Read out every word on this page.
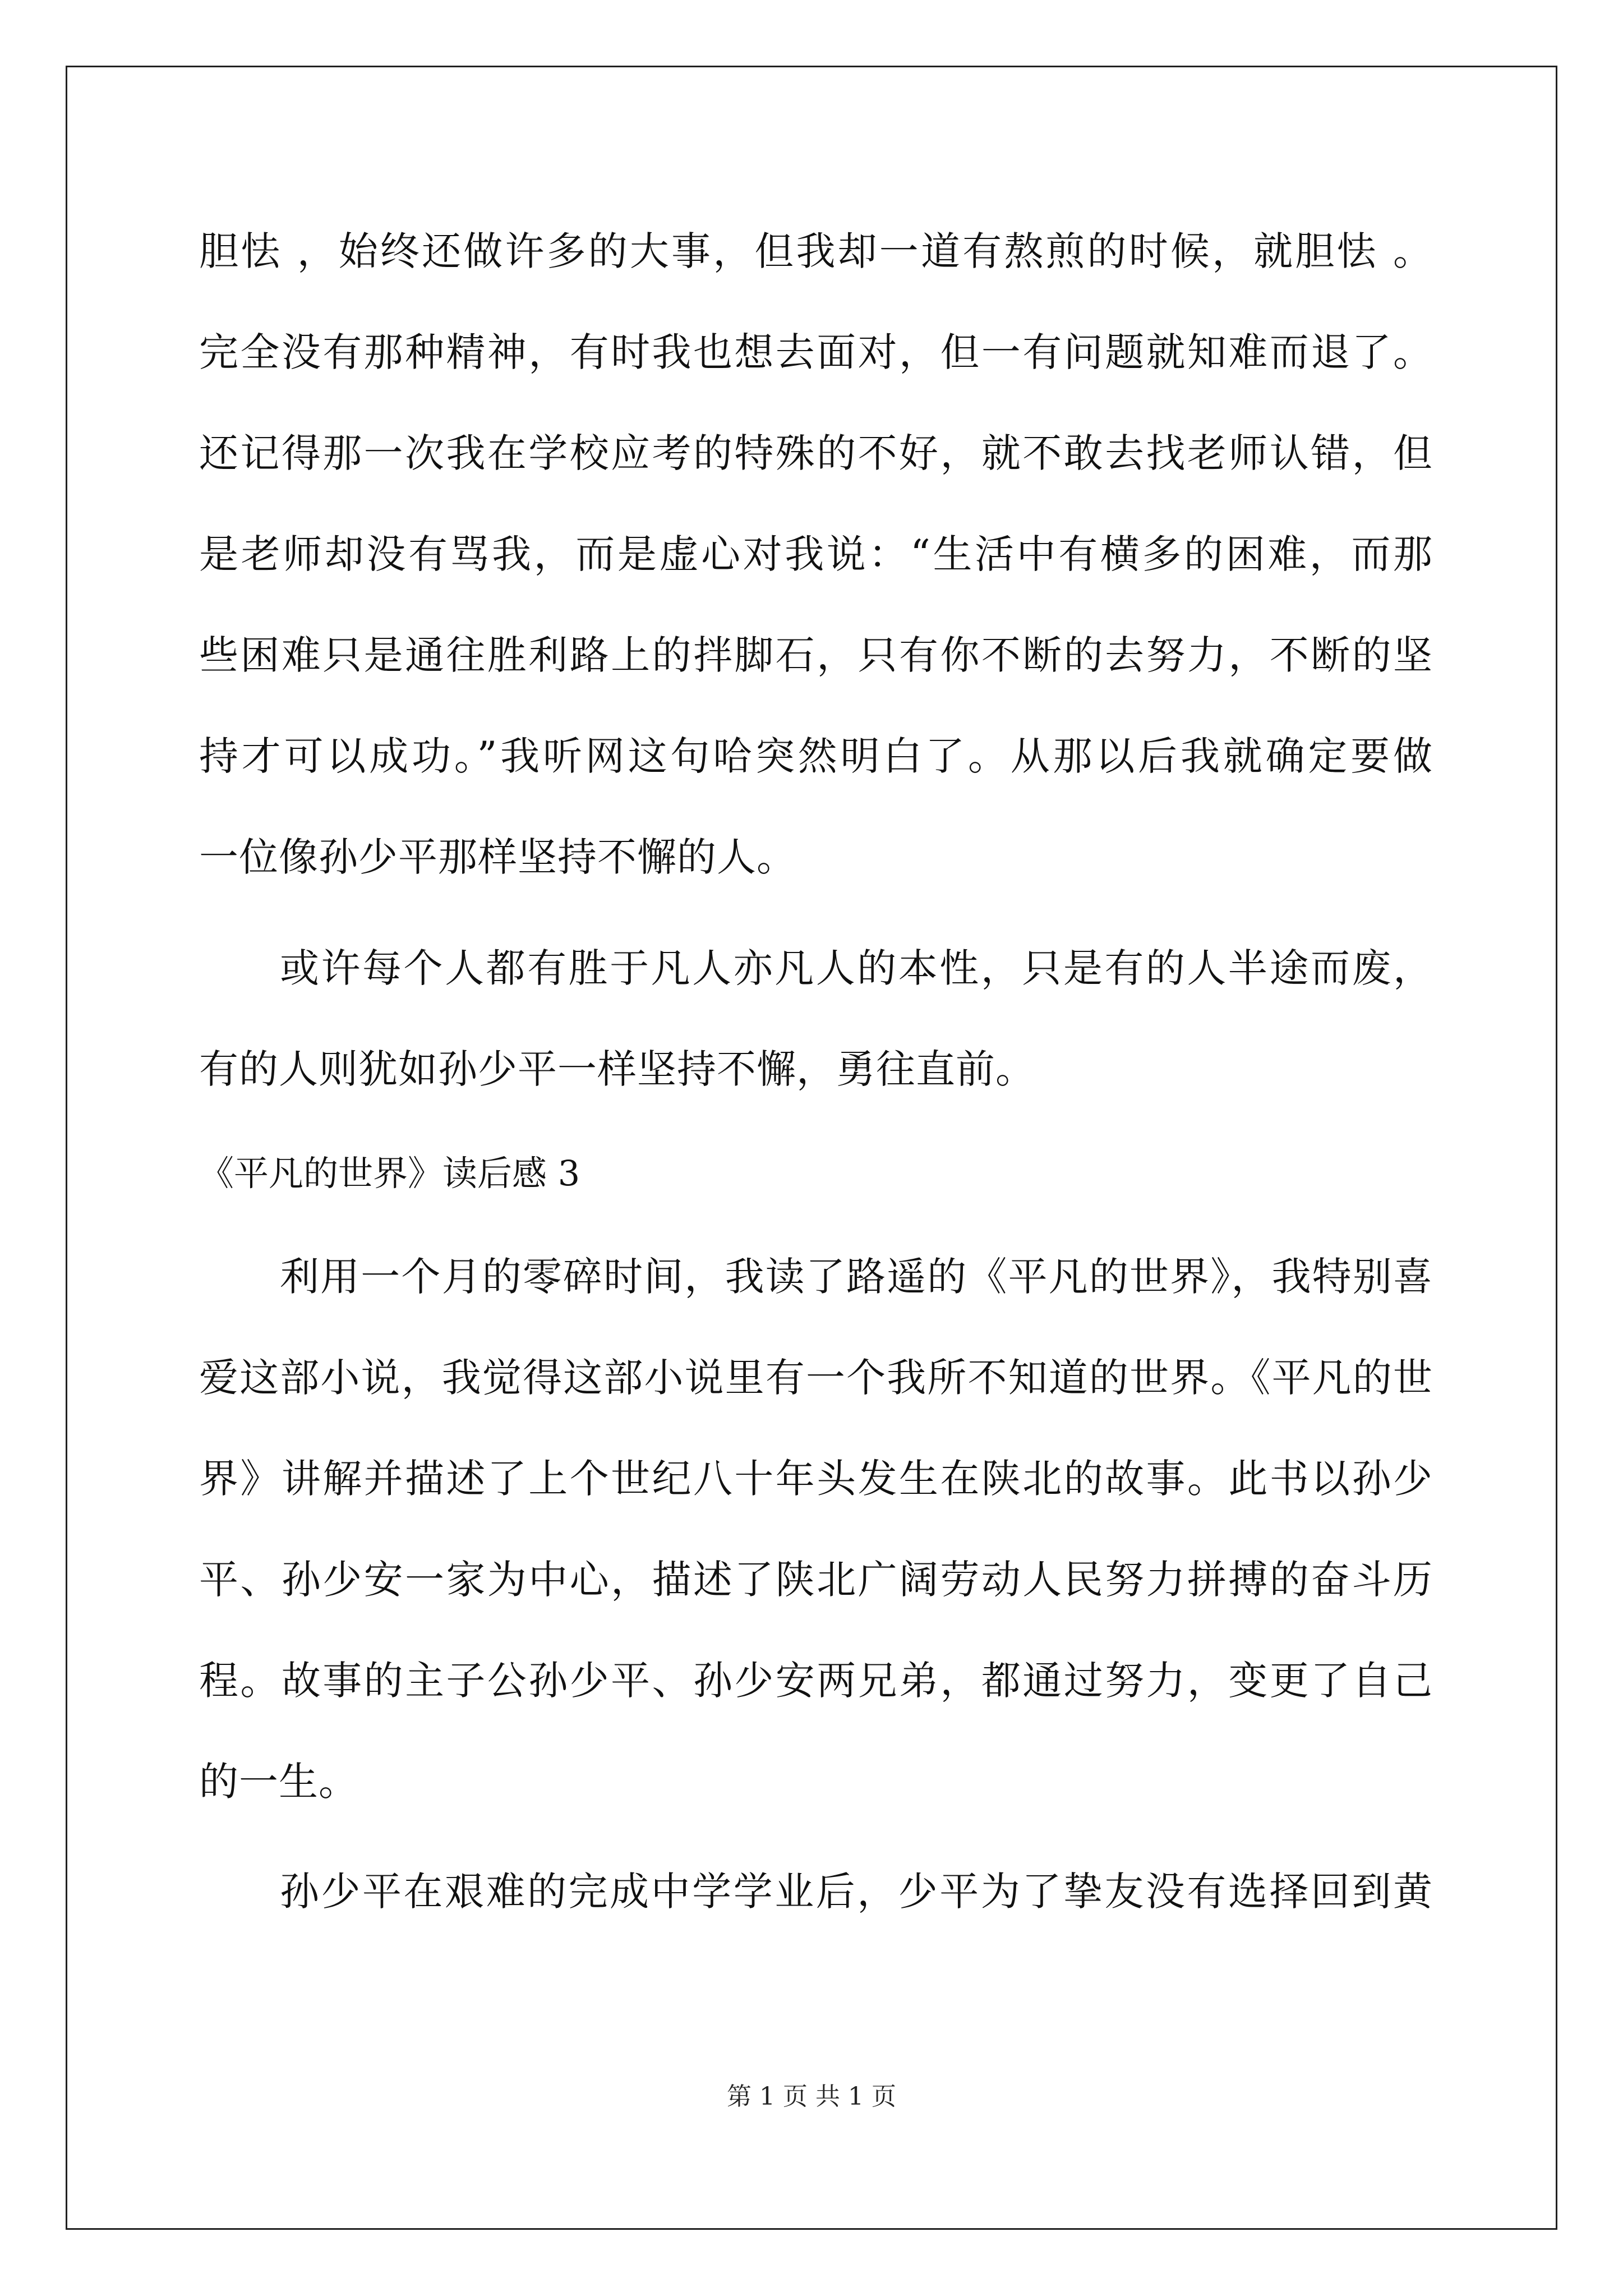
胆怯 ，始终还做许多的大事，但我却一道有熬煎的时候，就胆怯 。
完全没有那种精神，有时我也想去面对，但一有问题就知难而退了。
还记得那一次我在学校应考的特殊的不好，就不敢去找老师认错，但
是老师却没有骂我，而是虚心对我说：“生活中有横多的困难，而那
些困难只是通往胜利路上的拌脚石，只有你不断的去努力，不断的坚
持才可以成功。”我听网这句哈突然明白了。从那以后我就确定要做
一位像孙少平那样坚持不懈的人。
或许每个人都有胜于凡人亦凡人的本性，只是有的人半途而废，
有的人则犹如孙少平一样坚持不懈，勇往直前。
《平凡的世界》读后感 3
利用一个月的零碎时间，我读了路遥的《平凡的世界》，我特别喜
爱这部小说，我觉得这部小说里有一个我所不知道的世界。《平凡的世
界》讲解并描述了上个世纪八十年头发生在陕北的故事。此书以孙少
平、孙少安一家为中心，描述了陕北广阔劳动人民努力拼搏的奋斗历
程。故事的主子公孙少平、孙少安两兄弟，都通过努力，变更了自己
的一生。
孙少平在艰难的完成中学学业后，少平为了挚友没有选择回到黄
第 1 页 共 1 页
